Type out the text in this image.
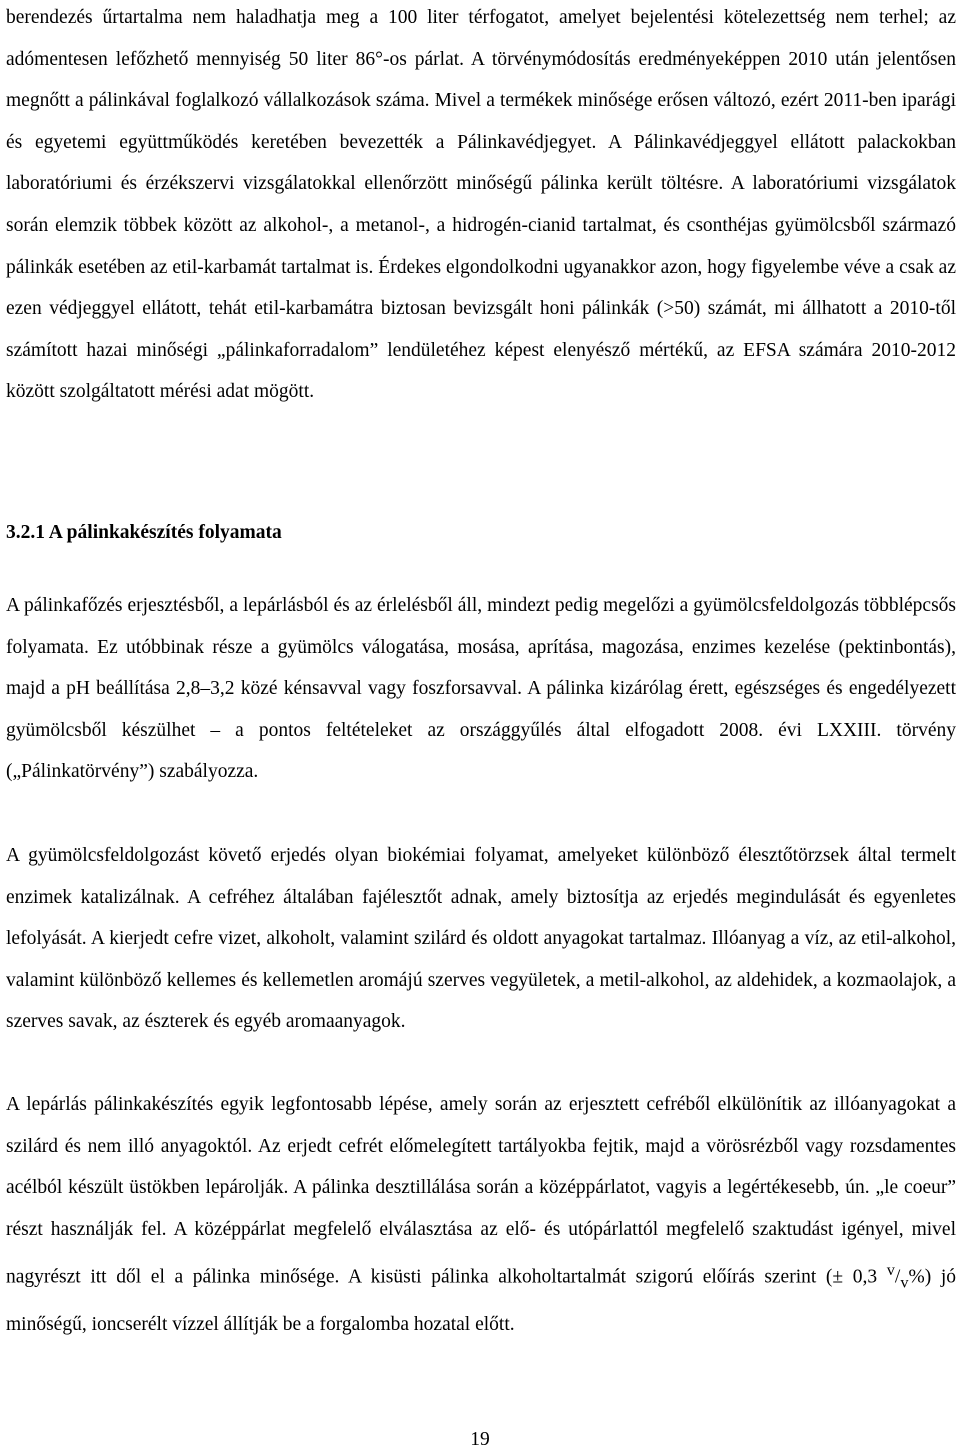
berendezés űrtartalma nem haladhatja meg a 100 liter térfogatot, amelyet bejelentési kötelezettség nem terhel; az adómentesen lefőzhető mennyiség 50 liter 86°-os párlat. A törvénymódosítás eredményeképpen 2010 után jelentősen megnőtt a pálinkával foglalkozó vállalkozások száma. Mivel a termékek minősége erősen változó, ezért 2011-ben iparági és egyetemi együttműködés keretében bevezették a Pálinkavédjegyet. A Pálinkavédjeggyel ellátott palackokban laboratóriumi és érzékszervi vizsgálatokkal ellenőrzött minőségű pálinka került töltésre. A laboratóriumi vizsgálatok során elemzik többek között az alkohol-, a metanol-, a hidrogén-cianid tartalmat, és csonthéjas gyümölcsből származó pálinkák esetében az etil-karbamát tartalmat is. Érdekes elgondolkodni ugyanakkor azon, hogy figyelembe véve a csak az ezen védjeggyel ellátott, tehát etil-karbamátra biztosan bevizsgált honi pálinkák (>50) számát, mi állhatott a 2010-től számított hazai minőségi „pálinkaforradalom” lendületéhez képest elenyésző mértékű, az EFSA számára 2010-2012 között szolgáltatott mérési adat mögött.

3.2.1 A pálinkakészítés folyamata

A pálinkafőzés erjesztésből, a lepárlásból és az érlelésből áll, mindezt pedig megelőzi a gyümölcsfeldolgozás többlépcsős folyamata. Ez utóbbinak része a gyümölcs válogatása, mosása, aprítása, magozása, enzimes kezelése (pektinbontás), majd a pH beállítása 2,8–3,2 közé kénsavval vagy foszforsavval. A pálinka kizárólag érett, egészséges és engedélyezett gyümölcsből készülhet – a pontos feltételeket az országgyűlés által elfogadott 2008. évi LXXIII. törvény („Pálinkatörvény”) szabályozza.

A gyümölcsfeldolgozást követő erjedés olyan biokémiai folyamat, amelyeket különböző élesztőtörzsek által termelt enzimek katalizálnak. A cefréhez általában fajélesztőt adnak, amely biztosítja az erjedés megindulását és egyenletes lefolyását. A kierjedt cefre vizet, alkoholt, valamint szilárd és oldott anyagokat tartalmaz. Illóanyag a víz, az etil-alkohol, valamint különböző kellemes és kellemetlen aromájú szerves vegyületek, a metil-alkohol, az aldehidek, a kozmaolajok, a szerves savak, az észterek és egyéb aromaanyagok.

A lepárlás pálinkakészítés egyik legfontosabb lépése, amely során az erjesztett cefréből elkülönítik az illóanyagokat a szilárd és nem illó anyagoktól. Az erjedt cefrét előmelegített tartályokba fejtik, majd a vörösrézből vagy rozsdamentes acélból készült üstökben lepárolják. A pálinka desztillálása során a középpárlatot, vagyis a legértékesebb, ún. „le coeur” részt használják fel. A középpárlat megfelelő elválasztása az elő- és utópárlattól megfelelő szaktudást igényel, mivel nagyrészt itt dől el a pálinka minősége. A kisüsti pálinka alkoholtartalmát szigorú előírás szerint (± 0,3 $^v/_v\%$) jó minőségű, ioncserélt vízzel állítják be a forgalomba hozatal előtt.

19
